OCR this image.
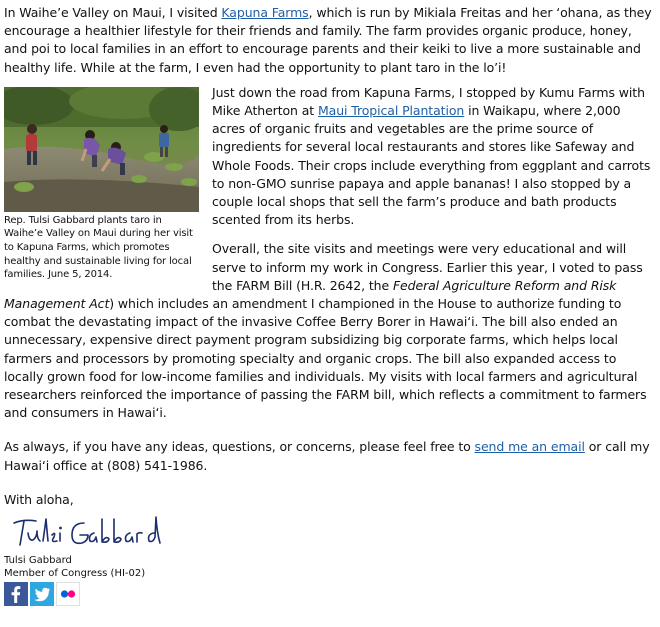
In Waihe’e Valley on Maui, I visited Kapuna Farms, which is run by Mikiala Freitas and her ‘ohana, as they encourage a healthier lifestyle for their friends and family. The farm provides organic produce, honey, and poi to local families in an effort to encourage parents and their keiki to live a more sustainable and healthy life. While at the farm, I even had the opportunity to plant taro in the lo’i!

Rep. Tulsi Gabbard plants taro in Waihe’e Valley on Maui during her visit to Kapuna Farms, which promotes healthy and sustainable living for local families. June 5, 2014.

Just down the road from Kapuna Farms, I stopped by Kumu Farms with Mike Atherton at Maui Tropical Plantation in Waikapu, where 2,000 acres of organic fruits and vegetables are the prime source of ingredients for several local restaurants and stores like Safeway and Whole Foods. Their crops include everything from eggplant and carrots to non-GMO sunrise papaya and apple bananas! I also stopped by a couple local shops that sell the farm’s produce and bath products scented from its herbs.

Overall, the site visits and meetings were very educational and will serve to inform my work in Congress. Earlier this year, I voted to pass the FARM Bill (H.R. 2642, the Federal Agriculture Reform and Risk Management Act) which includes an amendment I championed in the House to authorize funding to combat the devastating impact of the invasive Coffee Berry Borer in Hawai‘i. The bill also ended an unnecessary, expensive direct payment program subsidizing big corporate farms, which helps local farmers and processors by promoting specialty and organic crops. The bill also expanded access to locally grown food for low-income families and individuals. My visits with local farmers and agricultural researchers reinforced the importance of passing the FARM bill, which reflects a commitment to farmers and consumers in Hawai‘i.

As always, if you have any ideas, questions, or concerns, please feel free to send me an email or call my Hawai‘i office at (808) 541-1986.

With aloha,

Tulsi Gabbard
Member of Congress (HI-02)
